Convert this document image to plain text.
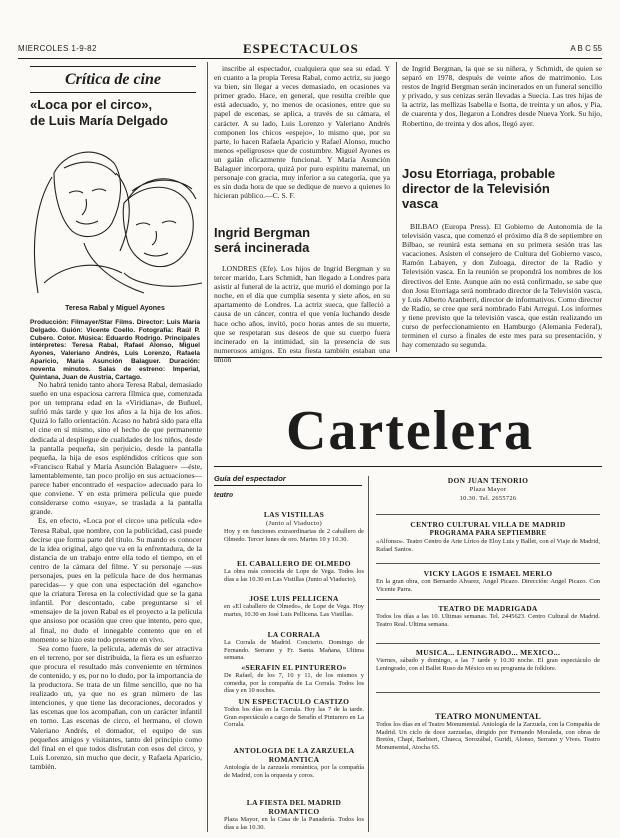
MIERCOLES 1-9-82	ESPECTACULOS	A B C 55
Crítica de cine
«Loca por el circo»,
de Luis María Delgado
Teresa Rabal y Miguel Ayones
Producción: Filmayer/Star Films. Director: Luis María Delgado. Guión: Vicente Coello. Fotografía: Raúl P. Cubero. Color. Música: Eduardo Rodrigo. Principales intérpretes: Teresa Rabal, Rafael Alonso, Miguel Ayones, Valeriano Andrés, Luis Lorenzo, Rafaela Aparicio, María Asunción Balaguer. Duración: noventa minutos. Salas de estreno: Imperial, Quintana, Juan de Austria, Cartago.

No habrá tenido tanto ahora Teresa Rabal, demasiado sueño en una espaciosa carrera fílmica que, comenzada por un temprana edad en la «Viridiana», de Buñuel, sufrió más tarde y que los años a la hija de los años. Quizá lo fallo orientación. Acaso no habrá sido para ella el cine en sí mismo, sino el hecho de que permanente dedicada al despliegue de cualidades de los niños, desde la pantalla pequeña, sin perjuicio, desde la pantalla pequeña, la hija de esos espléndidos críticos que son «Francisco Rabal y María Asunción Balaguer» —éste, lamentablemente, tan poco prolijo en sus actuaciones— parece haber encontrado el «espacio» adecuado para lo que conviene. Y en esta primera película que puede considerarse como «suya», se traslada a la pantalla grande.

Es, en efecto, «Loca por el circo» una película «de» Teresa Rabal, que nombre, con la publicidad, casi puede decirse que forma parte del título. Su mando es conocer de la idea original, algo que va en la enfrentadura, de la distancia de un trabajo entre ella todo el tiempo, en el centro de la cámara del filme. Y su personaje —sus personajes, pues en la película hace de dos hermanas parecidas— y que con una espectación del «gancho» que la criatura Teresa en la colectividad que se la gana infantil. Por descontado, cabe preguntarse si el «mensaje» de la joven Rabal es el proyecto a la película que ansioso por ocasión que creo que intento, pero que, al final, no dudo el innegable contento que en el momento se hizo este todo presente en vivo.

Sea como fuere, la película, además de ser atractiva en el terreno, por ser distribuida, la fiera es un esfuerzo que procura el resultado más conveniente en términos de contenido, y es, por no lo dudo, por la importancia de la productora. Se trata de un filme sencillo, que no ha realizado un, ya que no es gran número de las intenciones, y que tiene las decoraciones, decorados y las escenas que los acompañan, con un carácter infantil en torno. Las escenas de circo, el hermano, el clown Valeriano Andrés, el domador, el equipo de sus pequeños amigos y visitantes, tanto del principio como del final en el que todos disfrutan con esos del circo, y Luis Lorenzo, sin mucho que decir, y Rafaela Aparicio, también.

inscribe al espectador, cualquiera que sea su edad. Y en cuanto a la propia Teresa Rabal, como actriz, su juego va bien, sin llegar a veces demasiado, en ocasiones va primer grado. Hace, en general, que resulta creíble que está adecuado, y, no menos de ocasiones, entre que su papel de escenas, se aplica, a través de su cámara, el carácter. A su lado, Luis Lorenzo y Valeriano Andrés componen los chicos «espejo», lo mismo que, por su parte, lo hacen Rafaela Aparicio y Rafael Alonso, mucho menos «peligrosos» que de costumbre. Miguel Ayones es un galán eficazmente funcional. Y María Asunción Balaguer incorpora, quizá por puro espíritu maternal, un personaje con gracia, muy inferior a su categoría, que ya es sin duda hora de que se dedique de nuevo a quienes lo hicieran público.—C. S. F.

Ingrid Bergman
será incinerada

LONDRES (Efe). Los hijos de Ingrid Bergman y su tercer marido, Lars Schmidt, han llegado a Londres para asistir al funeral de la actriz, que murió el domingo por la noche, en el día que cumplía sesenta y siete años, en su apartamento de Londres. La actriz sueca, que falleció a causa de un cáncer, contra el que venía luchando desde hace ocho años, invitó, poco horas antes de su muerte, que se respetaran sus deseos de que su cuerpo fuera incinerado en la intimidad, sin la presencia de sus numerosos amigos. En esta fiesta también estaban una unión

de Ingrid Bergman, la que se su niñera, y Schmidt, de quien se separó en 1978, después de veinte años de matrimonio. Los restos de Ingrid Bergman serán incinerados en un funeral sencillo y privado, y sus cenizas serán llevadas a Suecia. Las tres hijas de la actriz, las mellizas Isabella e Isotta, de treinta y un años, y Pia, de cuarenta y dos, llegaron a Londres desde Nueva York. Su hijo, Robertino, de treinta y dos años, llegó ayer.

Josu Etorriaga, probable
director de la Televisión
vasca

BILBAO (Europa Press). El Gobierno de Autonomía de la televisión vasca, que comenzó el próximo día 8 de septiembre en Bilbao, se reunirá esta semana en su primera sesión tras las vacaciones. Asisten el consejero de Cultura del Gobierno vasco, Ramón Labayen, y don Zuloaga, director de la Radio y Televisión vasca. En la reunión se propondrá los nombres de los directivos del Ente. Aunque aún no está confirmado, se sabe que don Josu Etorriaga será nombrado director de la Televisión vasca, y Luis Alberto Aranberri, director de informativos. Como director de Radio, se cree que será nombrado Fabi Arregui. Los informes y tiene previsto que la televisión vasca, que están realizando un curso de perfeccionamiento en Hamburgo (Alemania Federal), terminen el curso a finales de este mes para su presentación, y hay comenzado su segunda.

Cartelera
Guía del espectador
teatro
LAS VISTILLAS
(Junto al Viaducto)
Hoy y en funciones extraordinarias de 2 caballero de Olmedo. Tercer lunes de oro. Martes 10 y 10.30.
EL CABALLERO DE OLMEDO
La obra más conocida de Lope de Vega. Todos los días a las 10.30 en Las Vistillas (Junto al Viaducto).
JOSE LUIS PELLICENA
en «El caballero de Olmedo», de Lope de Vega. Hoy martes, 10.30 en José Luis Pellicena. Las Vistillas.
LA CORRALA
La Corrala de Madrid. Concierto. Domingo de Fernando. Serrano y Fr. Santa. Mañana, Ultima semana.
«SERAFIN EL PINTURERO»
De Rafael, de los 7, 10 y 11, de los mismos y comedia, por la compañía de La Corrala. Todos los días y en 10 noches.
UN ESPECTACULO CASTIZO
Todos los días en la Corrala. Hoy las 7 de la tarde. Gran espectáculo a cargo de Serafín el Pinturero en La Corrala.
ANTOLOGIA DE LA ZARZUELA ROMANTICA
Antología de la zarzuela romántica, por la compañía de Madrid, con la orquesta y coros.
LA FIESTA DEL MADRID ROMANTICO
Plaza Mayor, en la Casa de la Panadería. Todos los días a las 10.30.
DON JUAN TENORIO
Plaza Mayor
10.30. Tel. 2655726
CENTRO CULTURAL VILLA DE MADRID
PROGRAMA PARA SEPTIEMBRE
«Alfonso». Teatro Centro de Arte Lírico de Eloy Luis y Ballet, con el Viaje de Madrid, Rafael Santos.
VICKY LAGOS E ISMAEL MERLO
En la gran obra, con Bernardo Alvarez, Angel Picazo. Dirección: Angel Picazo. Con Vicente Parra.
TEATRO DE MADRIGADA
Todos los días a las 10. Ultimas semanas. Tel. 2445623. Centro Cultural de Madrid. Teatro Real. Ultima semana.
MUSICA... LENINGRADO... MEXICO...
Viernes, sábado y domingo, a las 7 tarde y 10.30 noche. El gran espectáculo de Leningrado, con el Ballet Ruso de México en su programa de folklore.
TEATRO MONUMENTAL
Todos los días en el Teatro Monumental. Antología de la Zarzuela, con la Compañía de Madrid. Un ciclo de doce zarzuelas, dirigido por Fernando Moraleda, con obras de Bretón, Chapí, Barbieri, Chueca, Sorozábal, Guridi, Alonso, Serrano y Vives. Teatro Monumental, Atocha 65.
